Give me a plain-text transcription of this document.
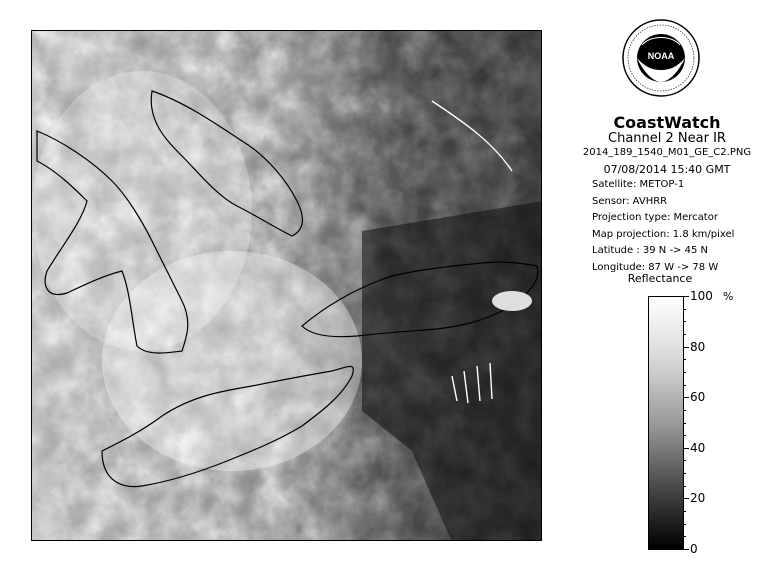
NOAA
CoastWatch
Channel 2 Near IR
2014_189_1540_M01_GE_C2.PNG
07/08/2014 15:40 GMT
Satellite: METOP-1
Sensor: AVHRR
Projection type: Mercator
Map projection: 1.8 km/pixel
Latitude : 39 N -> 45 N
Longitude: 87 W -> 78 W
Reflectance
%
100
80
60
40
20
0
